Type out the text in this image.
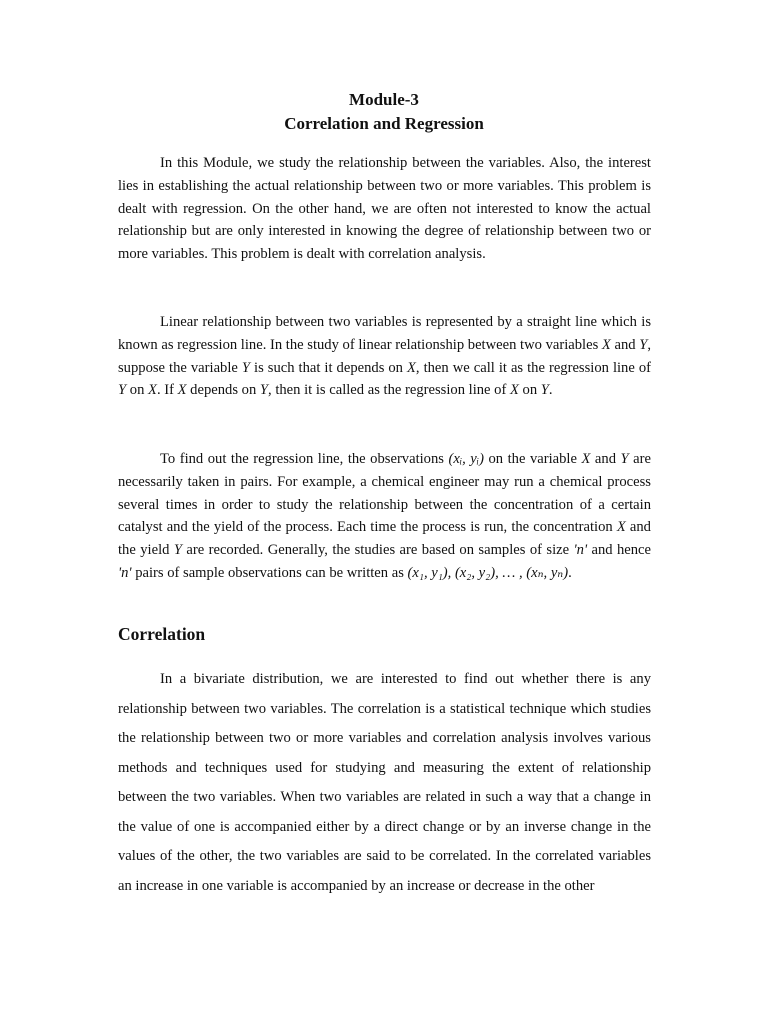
Module-3
Correlation and Regression

In this Module, we study the relationship between the variables. Also, the interest lies in establishing the actual relationship between two or more variables. This problem is dealt with regression. On the other hand, we are often not interested to know the actual relationship but are only interested in knowing the degree of relationship between two or more variables. This problem is dealt with correlation analysis.

Linear relationship between two variables is represented by a straight line which is known as regression line. In the study of linear relationship between two variables X and Y, suppose the variable Y is such that it depends on X, then we call it as the regression line of Y on X. If X depends on Y, then it is called as the regression line of X on Y.

To find out the regression line, the observations (xᵢ, yᵢ) on the variable X and Y are necessarily taken in pairs. For example, a chemical engineer may run a chemical process several times in order to study the relationship between the concentration of a certain catalyst and the yield of the process. Each time the process is run, the concentration X and the yield Y are recorded. Generally, the studies are based on samples of size 'n' and hence 'n' pairs of sample observations can be written as (x₁, y₁), (x₂, y₂), … , (xₙ, yₙ).

Correlation

In a bivariate distribution, we are interested to find out whether there is any relationship between two variables. The correlation is a statistical technique which studies the relationship between two or more variables and correlation analysis involves various methods and techniques used for studying and measuring the extent of relationship between the two variables. When two variables are related in such a way that a change in the value of one is accompanied either by a direct change or by an inverse change in the values of the other, the two variables are said to be correlated. In the correlated variables an increase in one variable is accompanied by an increase or decrease in the other
